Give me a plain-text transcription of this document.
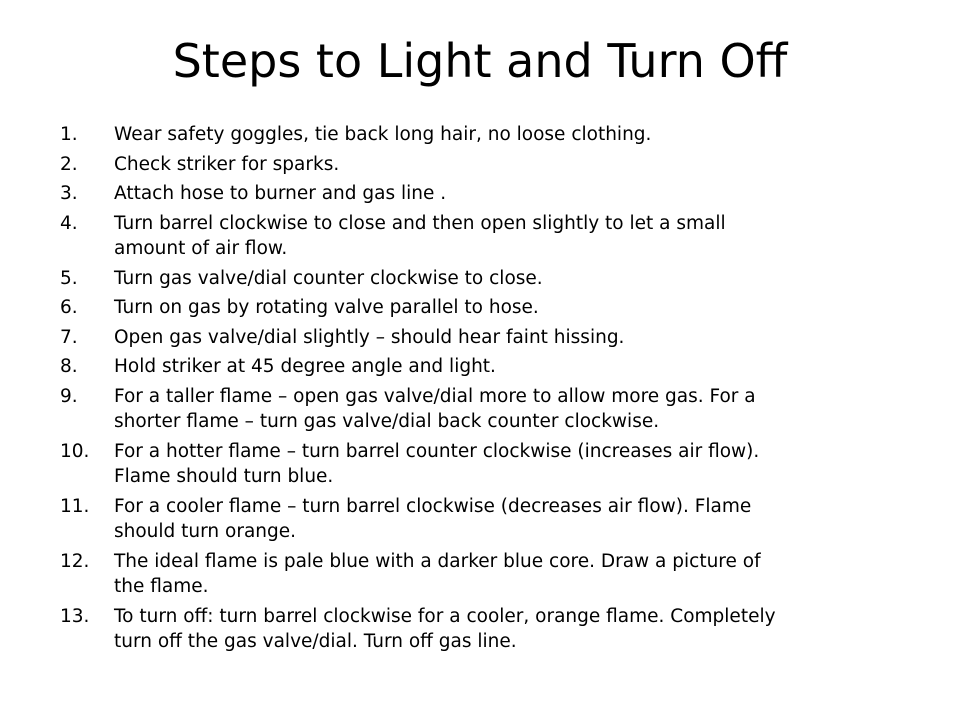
Steps to Light and Turn Off
1.	Wear safety goggles, tie back long hair, no loose clothing.
2.	Check striker for sparks.
3.	Attach hose to burner and gas line .
4.	Turn barrel clockwise to close and then open slightly to let a small
amount of air flow.
5.	Turn gas valve/dial counter clockwise to close.
6.	Turn on gas by rotating valve parallel to hose.
7.	Open gas valve/dial slightly – should hear faint hissing.
8.	Hold striker at 45 degree angle and light.
9.	For a taller flame – open gas valve/dial more to allow more gas. For a
shorter flame – turn gas valve/dial back counter clockwise.
10.	For a hotter flame – turn barrel counter clockwise (increases air flow).
Flame should turn blue.
11.	For a cooler flame – turn barrel clockwise (decreases air flow). Flame
should turn orange.
12.	The ideal flame is pale blue with a darker blue core. Draw a picture of
the flame.
13.	To turn off: turn barrel clockwise for a cooler, orange flame. Completely
turn off the gas valve/dial. Turn off gas line.
